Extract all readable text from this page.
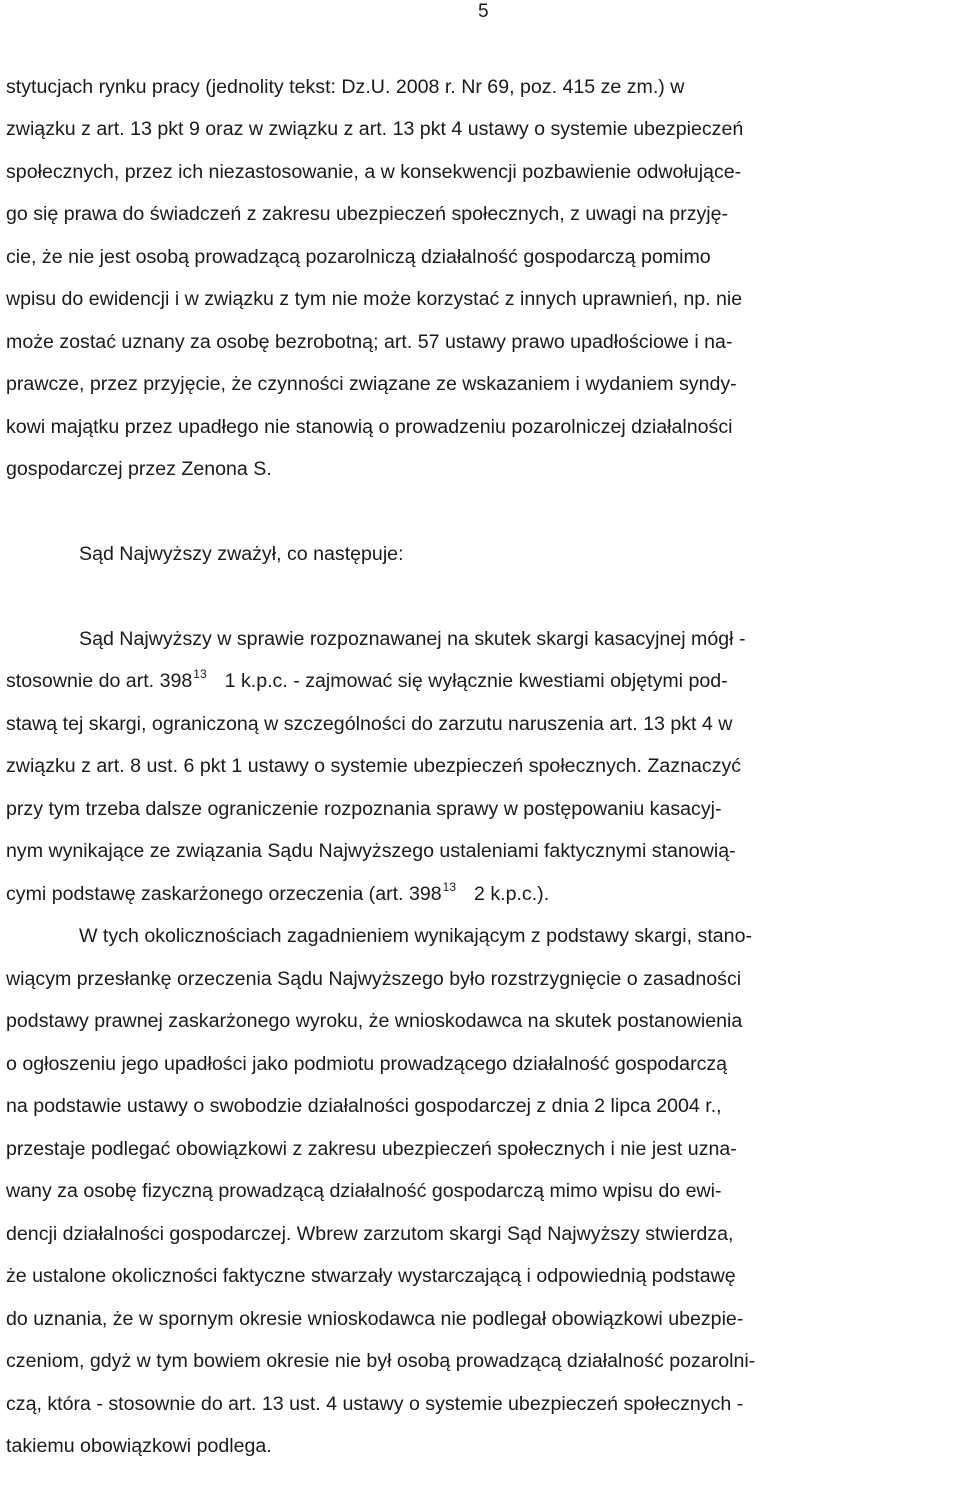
5
stytucjach rynku pracy (jednolity tekst: Dz.U. 2008 r. Nr 69, poz. 415 ze zm.) w
związku z art. 13 pkt 9 oraz w związku z art. 13 pkt 4 ustawy o systemie ubezpieczeń
społecznych, przez ich niezastosowanie, a w konsekwencji pozbawienie odwołujące-
go się prawa do świadczeń z zakresu ubezpieczeń społecznych, z uwagi na przyję-
cie, że nie jest osobą prowadzącą pozarolniczą działalność gospodarczą pomimo
wpisu do ewidencji i w związku z tym nie może korzystać z innych uprawnień, np. nie
może zostać uznany za osobę bezrobotną; art. 57 ustawy prawo upadłościowe i na-
prawcze, przez przyjęcie, że czynności związane ze wskazaniem i wydaniem syndy-
kowi majątku przez upadłego nie stanowią o prowadzeniu pozarolniczej działalności
gospodarczej przez Zenona S.
Sąd Najwyższy zważył, co następuje:
Sąd Najwyższy w sprawie rozpoznawanej na skutek skargi kasacyjnej mógł -
stosownie do art. $398^{13}$ 1 k.p.c. - zajmować się wyłącznie kwestiami objętymi pod-
stawą tej skargi, ograniczoną w szczególności do zarzutu naruszenia art. 13 pkt 4 w
związku z art. 8 ust. 6 pkt 1 ustawy o systemie ubezpieczeń społecznych. Zaznaczyć
przy tym trzeba dalsze ograniczenie rozpoznania sprawy w postępowaniu kasacyj-
nym wynikające ze związania Sądu Najwyższego ustaleniami faktycznymi stanowią-
cymi podstawę zaskarżonego orzeczenia (art. $398^{13}$ 2 k.p.c.).
W tych okolicznościach zagadnieniem wynikającym z podstawy skargi, stano-
wiącym przesłankę orzeczenia Sądu Najwyższego było rozstrzygnięcie o zasadności
podstawy prawnej zaskarżonego wyroku, że wnioskodawca na skutek postanowienia
o ogłoszeniu jego upadłości jako podmiotu prowadzącego działalność gospodarczą
na podstawie ustawy o swobodzie działalności gospodarczej z dnia 2 lipca 2004 r.,
przestaje podlegać obowiązkowi z zakresu ubezpieczeń społecznych i nie jest uzna-
wany za osobę fizyczną prowadzącą działalność gospodarczą mimo wpisu do ewi-
dencji działalności gospodarczej. Wbrew zarzutom skargi Sąd Najwyższy stwierdza,
że ustalone okoliczności faktyczne stwarzały wystarczającą i odpowiednią podstawę
do uznania, że w spornym okresie wnioskodawca nie podlegał obowiązkowi ubezpie-
czeniom, gdyż w tym bowiem okresie nie był osobą prowadzącą działalność pozarolni-
czą, która - stosownie do art. 13 ust. 4 ustawy o systemie ubezpieczeń społecznych -
takiemu obowiązkowi podlega.
